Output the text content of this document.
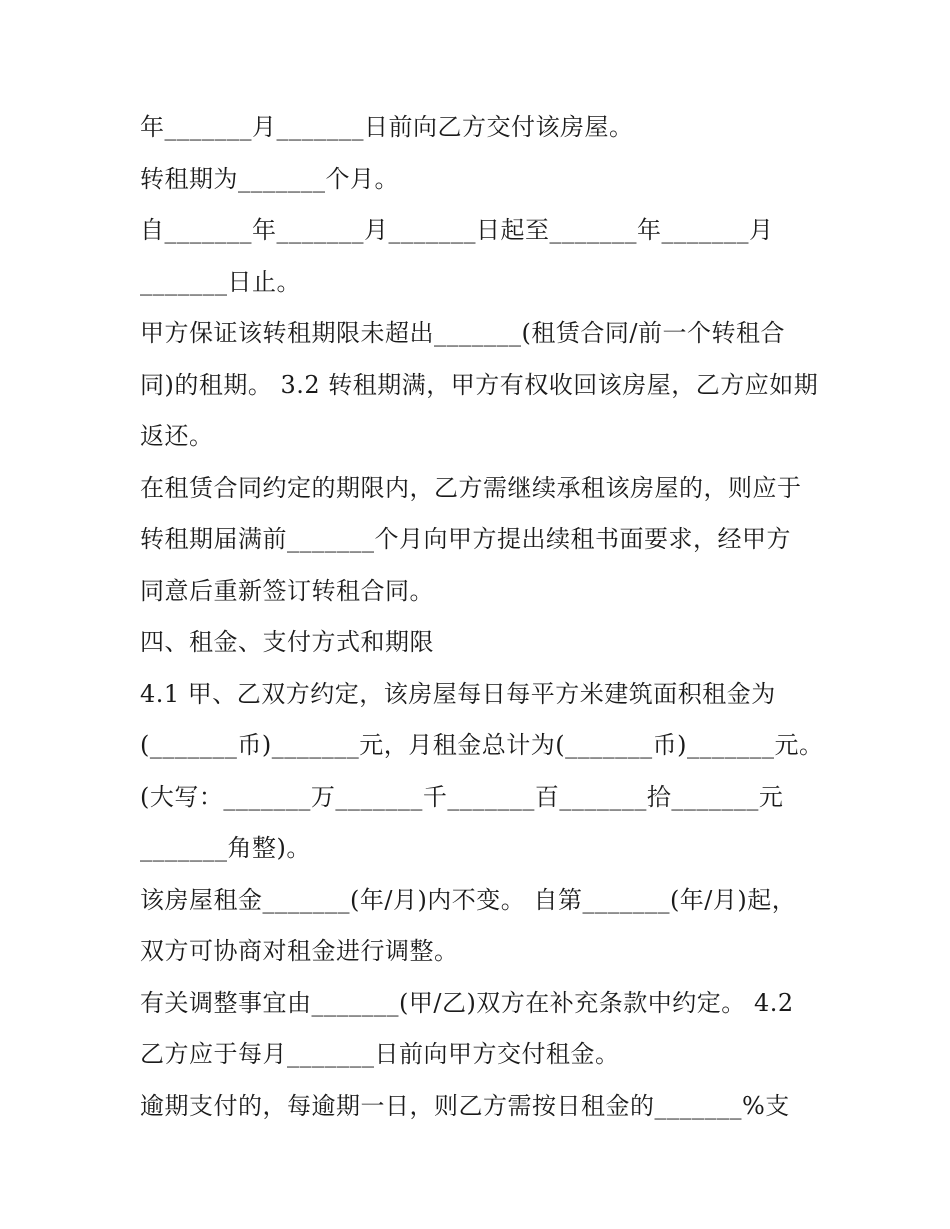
年_______月_______日前向乙方交付该房屋。
转租期为_______个月。
自_______年_______月_______日起至_______年_______月
_______日止。
甲方保证该转租期限未超出_______(租赁合同/前一个转租合
同)的租期。 3.2 转租期满，甲方有权收回该房屋，乙方应如期
返还。
在租赁合同约定的期限内，乙方需继续承租该房屋的，则应于
转租期届满前_______个月向甲方提出续租书面要求，经甲方
同意后重新签订转租合同。
四、租金、支付方式和期限
4.1 甲、乙双方约定，该房屋每日每平方米建筑面积租金为
(_______币)_______元，月租金总计为(_______币)_______元。
(大写：_______万_______千_______百_______拾_______元
_______角整)。
该房屋租金_______(年/月)内不变。 自第_______(年/月)起，
双方可协商对租金进行调整。
有关调整事宜由_______(甲/乙)双方在补充条款中约定。 4.2
乙方应于每月_______日前向甲方交付租金。
逾期支付的，每逾期一日，则乙方需按日租金的_______%支
